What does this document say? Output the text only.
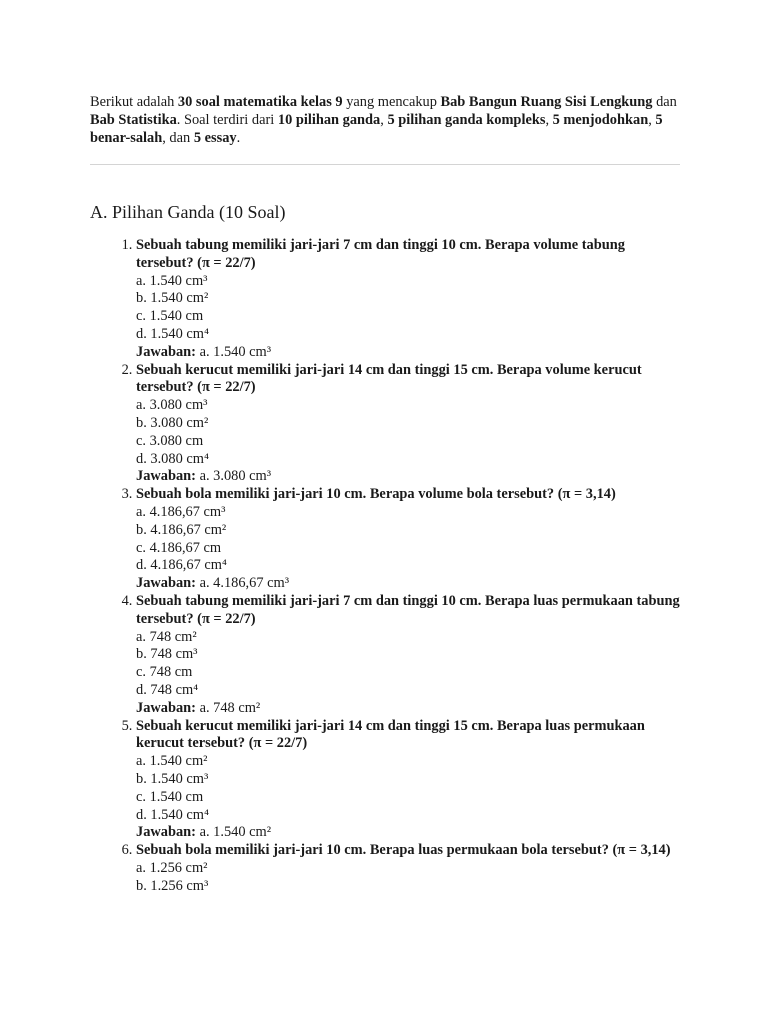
Berikut adalah 30 soal matematika kelas 9 yang mencakup Bab Bangun Ruang Sisi Lengkung dan Bab Statistika. Soal terdiri dari 10 pilihan ganda, 5 pilihan ganda kompleks, 5 menjodohkan, 5 benar-salah, dan 5 essay.

A. Pilihan Ganda (10 Soal)
1. Sebuah tabung memiliki jari-jari 7 cm dan tinggi 10 cm. Berapa volume tabung tersebut? (π = 22/7)
a. 1.540 cm³
b. 1.540 cm²
c. 1.540 cm
d. 1.540 cm⁴
Jawaban: a. 1.540 cm³
2. Sebuah kerucut memiliki jari-jari 14 cm dan tinggi 15 cm. Berapa volume kerucut tersebut? (π = 22/7)
a. 3.080 cm³
b. 3.080 cm²
c. 3.080 cm
d. 3.080 cm⁴
Jawaban: a. 3.080 cm³
3. Sebuah bola memiliki jari-jari 10 cm. Berapa volume bola tersebut? (π = 3,14)
a. 4.186,67 cm³
b. 4.186,67 cm²
c. 4.186,67 cm
d. 4.186,67 cm⁴
Jawaban: a. 4.186,67 cm³
4. Sebuah tabung memiliki jari-jari 7 cm dan tinggi 10 cm. Berapa luas permukaan tabung tersebut? (π = 22/7)
a. 748 cm²
b. 748 cm³
c. 748 cm
d. 748 cm⁴
Jawaban: a. 748 cm²
5. Sebuah kerucut memiliki jari-jari 14 cm dan tinggi 15 cm. Berapa luas permukaan kerucut tersebut? (π = 22/7)
a. 1.540 cm²
b. 1.540 cm³
c. 1.540 cm
d. 1.540 cm⁴
Jawaban: a. 1.540 cm²
6. Sebuah bola memiliki jari-jari 10 cm. Berapa luas permukaan bola tersebut? (π = 3,14)
a. 1.256 cm²
b. 1.256 cm³
